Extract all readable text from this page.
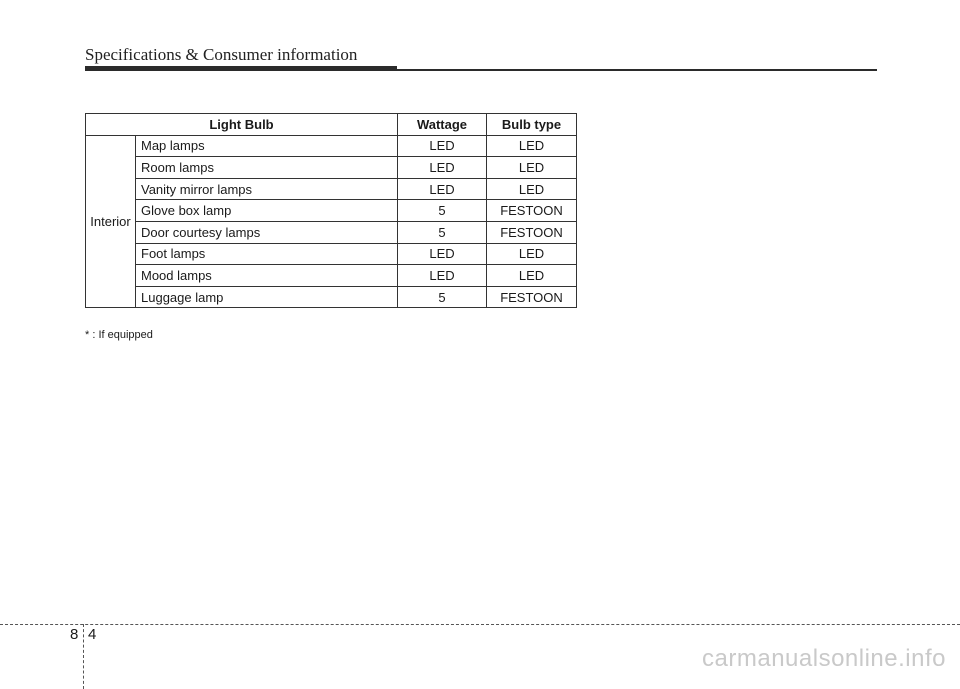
Specifications & Consumer information
Light Bulb		Wattage	Bulb type
Interior	Map lamps	LED	LED
	Room lamps	LED	LED
	Vanity mirror lamps	LED	LED
	Glove box lamp	5	FESTOON
	Door courtesy lamps	5	FESTOON
	Foot lamps	LED	LED
	Mood lamps	LED	LED
	Luggage lamp	5	FESTOON
* : If equipped
8 4
carmanualsonline.info
